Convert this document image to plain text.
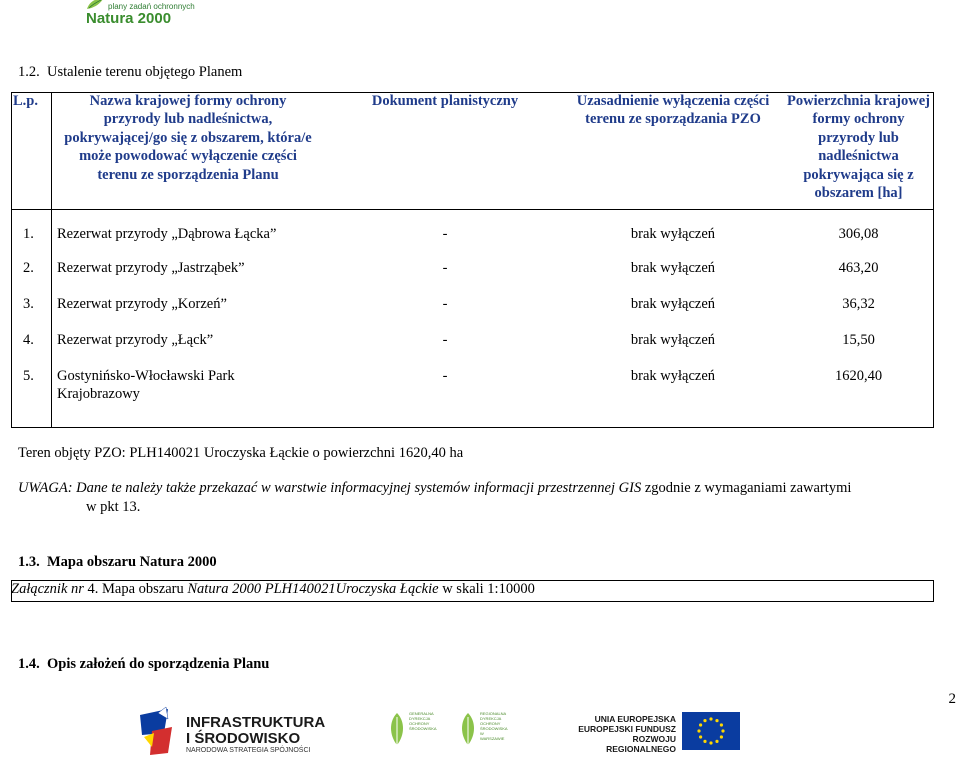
plany zadań ochronnych
Natura 2000
1.2. Ustalenie terenu objętego Planem
L.p.	Nazwa krajowej formy ochrony przyrody lub nadleśnictwa, pokrywającej/go się z obszarem, która/e może powodować wyłączenie części terenu ze sporządzenia Planu	Dokument planistyczny	Uzasadnienie wyłączenia części terenu ze sporządzania PZO	Powierzchnia krajowej formy ochrony przyrody lub nadleśnictwa pokrywająca się z obszarem [ha]
1.	Rezerwat przyrody „Dąbrowa Łącka”	-	brak wyłączeń	306,08
2.	Rezerwat przyrody „Jastrząbek”	-	brak wyłączeń	463,20
3.	Rezerwat przyrody „Korzeń”	-	brak wyłączeń	36,32
4.	Rezerwat przyrody „Łąck”	-	brak wyłączeń	15,50
5.	Gostynińsko-Włocławski Park Krajobrazowy	-	brak wyłączeń	1620,40
Teren objęty PZO: PLH140021 Uroczyska Łąckie o powierzchni 1620,40 ha
UWAGA: Dane te należy także przekazać w warstwie informacyjnej systemów informacji przestrzennej GIS zgodnie z wymaganiami zawartymi
w pkt 13.
1.3. Mapa obszaru Natura 2000
Załącznik nr 4. Mapa obszaru Natura 2000 PLH140021Uroczyska Łąckie w skali 1:10000
1.4. Opis założeń do sporządzenia Planu
2
INFRASTRUKTURA
I ŚRODOWISKO
NARODOWA STRATEGIA SPÓJNOŚCI
GENERALNA DYREKCJA OCHRONY ŚRODOWISKA
REGIONALNA DYREKCJA OCHRONY ŚRODOWISKA W WARSZAWIE
UNIA EUROPEJSKA
EUROPEJSKI FUNDUSZ
ROZWOJU REGIONALNEGO
